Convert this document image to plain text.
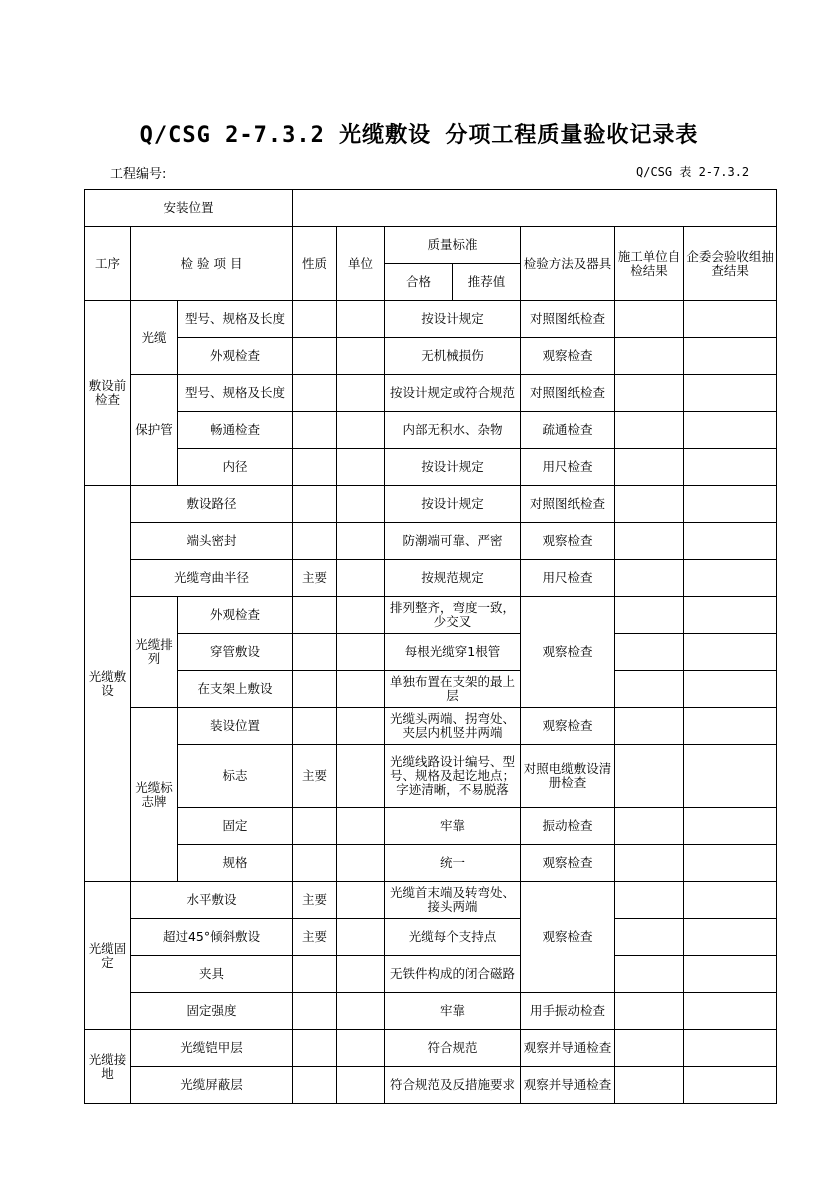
Q/CSG 2-7.3.2 光缆敷设 分项工程质量验收记录表
工程编号:	Q/CSG 表 2-7.3.2
安装位置									
工序	检 验 项 目		性质	单位	质量标准		检验方法及器具	施工单位自检结果	企委会验收组抽查结果
					合格	推荐值			
敷设前检查	光缆	型号、规格及长度			按设计规定		对照图纸检查		
		外观检查			无机械损伤		观察检查		
	保护管	型号、规格及长度			按设计规定或符合规范		对照图纸检查		
		畅通检查			内部无积水、杂物		疏通检查		
		内径			按设计规定		用尺检查		
光缆敷设	敷设路径				按设计规定		对照图纸检查		
	端头密封				防潮端可靠、严密		观察检查		
	光缆弯曲半径		主要		按规范规定		用尺检查		
	光缆排列	外观检查			排列整齐，弯度一致，少交叉		观察检查		
		穿管敷设			每根光缆穿1根管				
		在支架上敷设			单独布置在支架的最上层				
	光缆标志牌	装设位置			光缆头两端、拐弯处、夹层内机竖井两端		观察检查		
		标志	主要		光缆线路设计编号、型号、规格及起讫地点；字迹清晰，不易脱落		对照电缆敷设清册检查		
		固定			牢靠		振动检查		
		规格			统一		观察检查		
光缆固定	水平敷设		主要		光缆首末端及转弯处、接头两端		观察检查		
	超过45°倾斜敷设		主要		光缆每个支持点				
	夹具				无铁件构成的闭合磁路				
	固定强度				牢靠		用手振动检查		
光缆接地	光缆铠甲层				符合规范		观察并导通检查		
	光缆屏蔽层				符合规范及反措施要求		观察并导通检查		
